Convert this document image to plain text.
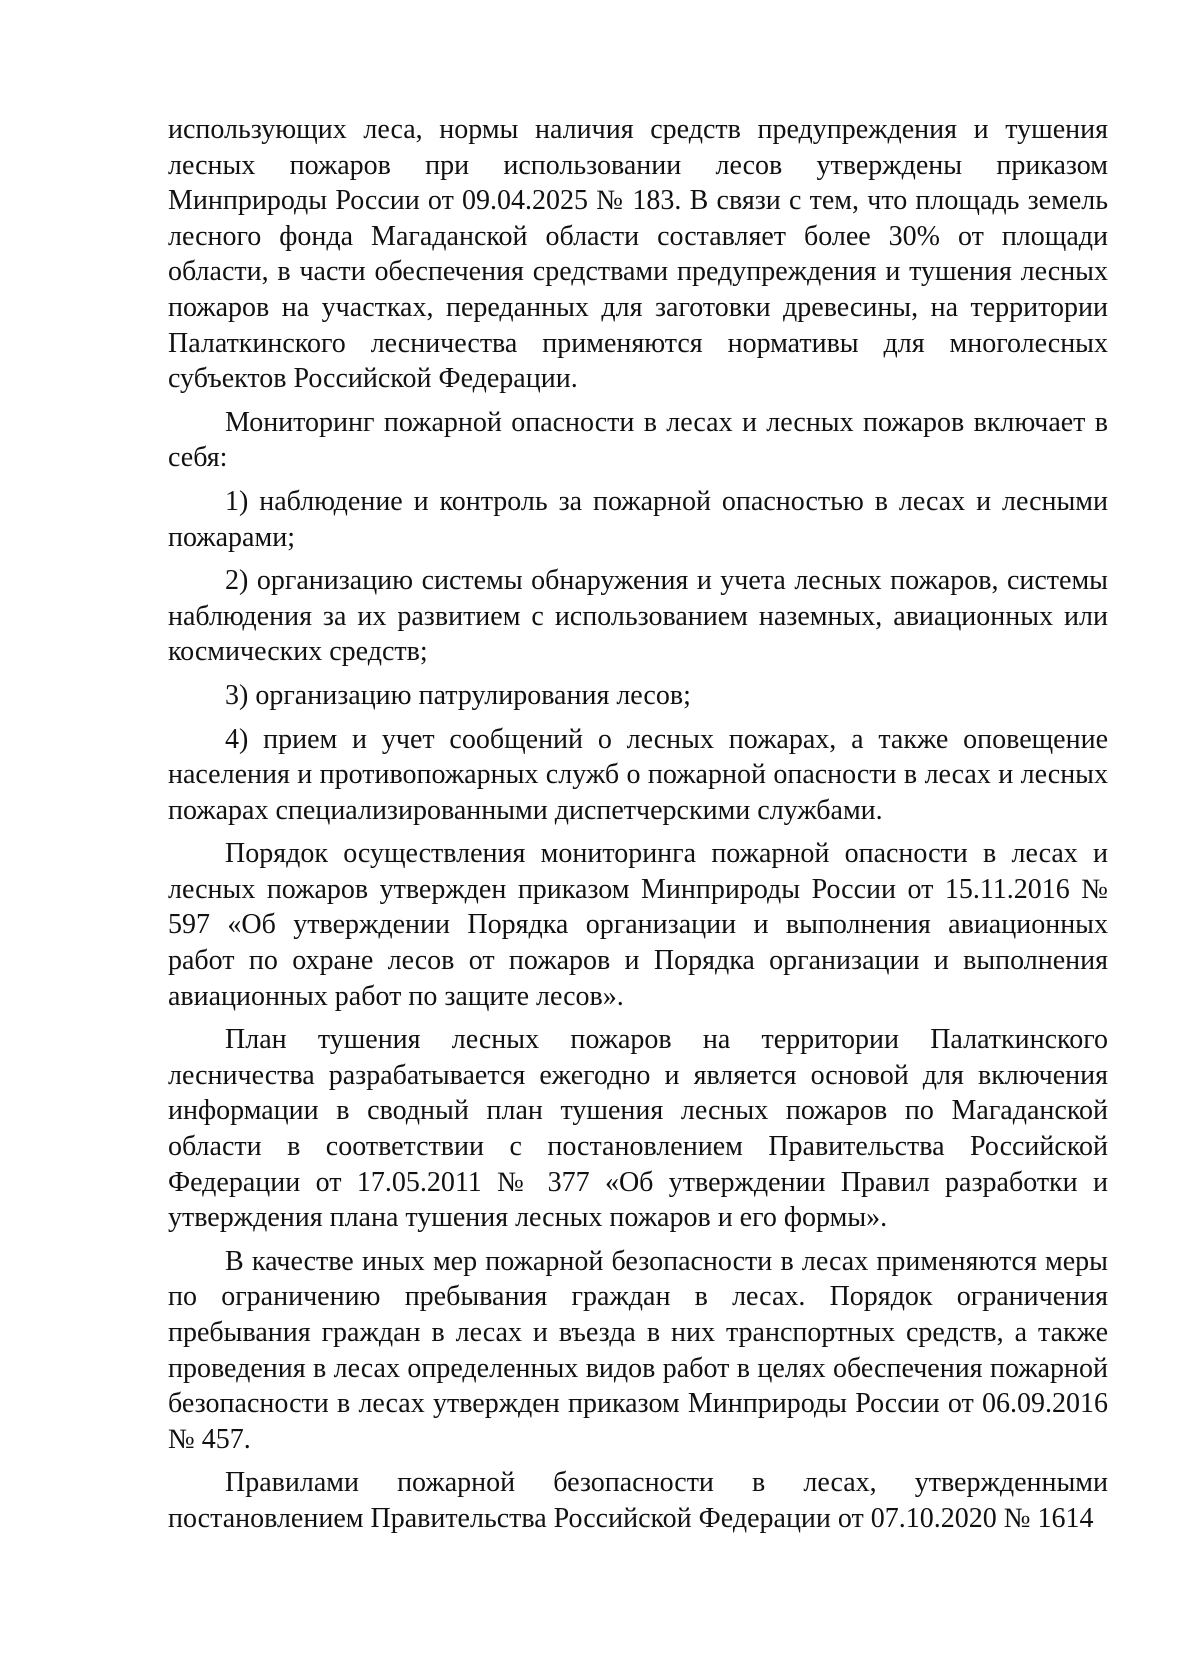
использующих леса, нормы наличия средств предупреждения и тушения лесных пожаров при использовании лесов утверждены приказом Минприроды России от 09.04.2025 № 183. В связи с тем, что площадь земель лесного фонда Магаданской области составляет более 30% от площади области, в части обеспечения средствами предупреждения и тушения лесных пожаров на участках, переданных для заготовки древесины, на территории Палаткинского лесничества применяются нормативы для многолесных субъектов Российской Федерации.

Мониторинг пожарной опасности в лесах и лесных пожаров включает в себя:

1) наблюдение и контроль за пожарной опасностью в лесах и лесными пожарами;

2) организацию системы обнаружения и учета лесных пожаров, системы наблюдения за их развитием с использованием наземных, авиационных или космических средств;

3) организацию патрулирования лесов;

4) прием и учет сообщений о лесных пожарах, а также оповещение населения и противопожарных служб о пожарной опасности в лесах и лесных пожарах специализированными диспетчерскими службами.

Порядок осуществления мониторинга пожарной опасности в лесах и лесных пожаров утвержден приказом Минприроды России от 15.11.2016 № 597 «Об утверждении Порядка организации и выполнения авиационных работ по охране лесов от пожаров и Порядка организации и выполнения авиационных работ по защите лесов».

План тушения лесных пожаров на территории Палаткинского лесничества разрабатывается ежегодно и является основой для включения информации в сводный план тушения лесных пожаров по Магаданской области в соответствии с постановлением Правительства Российской Федерации от 17.05.2011 № 377 «Об утверждении Правил разработки и утверждения плана тушения лесных пожаров и его формы».

В качестве иных мер пожарной безопасности в лесах применяются меры по ограничению пребывания граждан в лесах. Порядок ограничения пребывания граждан в лесах и въезда в них транспортных средств, а также проведения в лесах определенных видов работ в целях обеспечения пожарной безопасности в лесах утвержден приказом Минприроды России от 06.09.2016 № 457.

Правилами пожарной безопасности в лесах, утвержденными постановлением Правительства Российской Федерации от 07.10.2020 № 1614
